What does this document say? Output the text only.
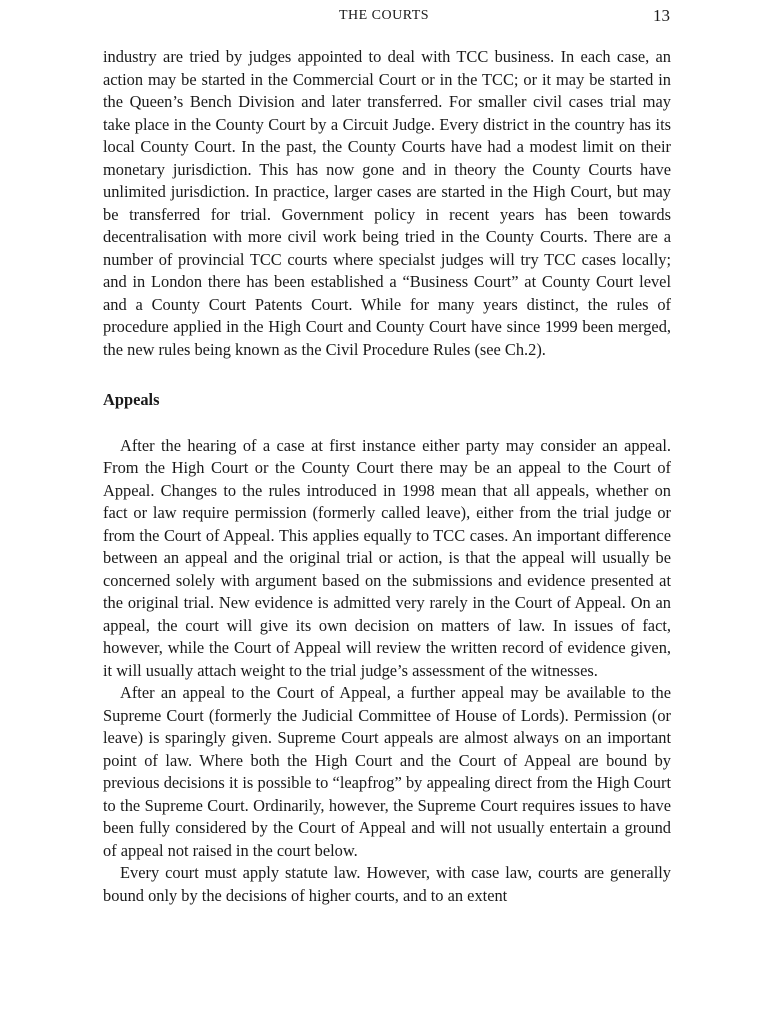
THE COURTS	13

industry are tried by judges appointed to deal with TCC business. In each case, an action may be started in the Commercial Court or in the TCC; or it may be started in the Queen’s Bench Division and later transferred. For smaller civil cases trial may take place in the County Court by a Circuit Judge. Every district in the country has its local County Court. In the past, the County Courts have had a modest limit on their monetary jurisdiction. This has now gone and in theory the County Courts have unlimited jurisdiction. In practice, larger cases are started in the High Court, but may be transferred for trial. Government policy in recent years has been towards decentralisation with more civil work being tried in the County Courts. There are a number of provincial TCC courts where specialst judges will try TCC cases locally; and in London there has been established a “Business Court” at County Court level and a County Court Patents Court. While for many years distinct, the rules of procedure applied in the High Court and County Court have since 1999 been merged, the new rules being known as the Civil Procedure Rules (see Ch.2).

Appeals

After the hearing of a case at first instance either party may consider an appeal. From the High Court or the County Court there may be an appeal to the Court of Appeal. Changes to the rules introduced in 1998 mean that all appeals, whether on fact or law require permission (formerly called leave), either from the trial judge or from the Court of Appeal. This applies equally to TCC cases. An important difference between an appeal and the original trial or action, is that the appeal will usually be concerned solely with argument based on the submissions and evidence presented at the original trial. New evidence is admitted very rarely in the Court of Appeal. On an appeal, the court will give its own decision on matters of law. In issues of fact, however, while the Court of Appeal will review the written record of evidence given, it will usually attach weight to the trial judge’s assessment of the witnesses.

After an appeal to the Court of Appeal, a further appeal may be available to the Supreme Court (formerly the Judicial Committee of House of Lords). Permission (or leave) is sparingly given. Supreme Court appeals are almost always on an important point of law. Where both the High Court and the Court of Appeal are bound by previous decisions it is possible to “leapfrog” by appealing direct from the High Court to the Supreme Court. Ordinarily, however, the Supreme Court requires issues to have been fully considered by the Court of Appeal and will not usually entertain a ground of appeal not raised in the court below.

Every court must apply statute law. However, with case law, courts are generally bound only by the decisions of higher courts, and to an extent
